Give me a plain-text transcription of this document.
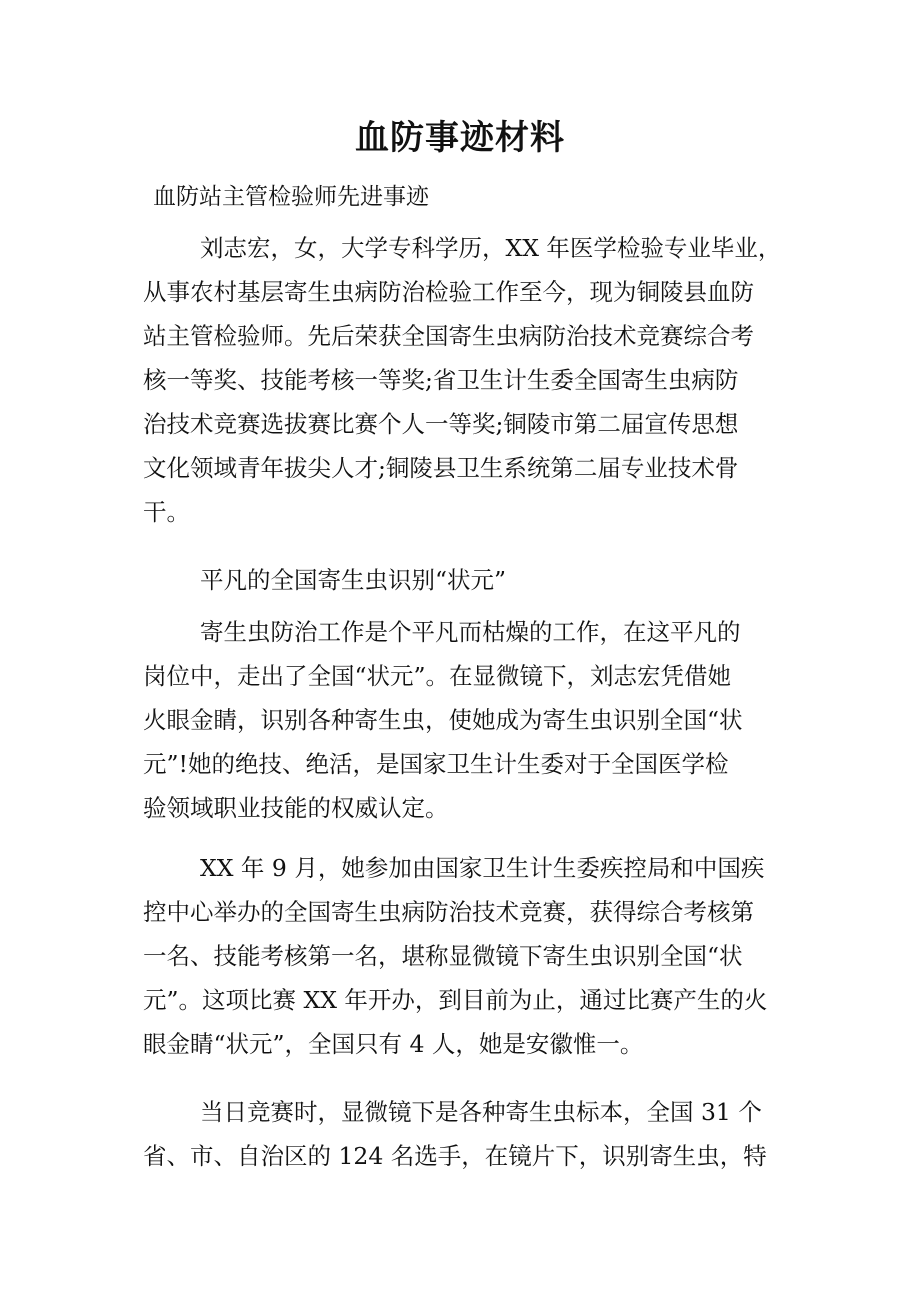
血防事迹材料

血防站主管检验师先进事迹

刘志宏，女，大学专科学历，XX 年医学检验专业毕业，

从事农村基层寄生虫病防治检验工作至今，现为铜陵县血防

站主管检验师。先后荣获全国寄生虫病防治技术竞赛综合考

核一等奖、技能考核一等奖;省卫生计生委全国寄生虫病防

治技术竞赛选拔赛比赛个人一等奖;铜陵市第二届宣传思想

文化领域青年拔尖人才;铜陵县卫生系统第二届专业技术骨

干。

平凡的全国寄生虫识别“状元”

寄生虫防治工作是个平凡而枯燥的工作，在这平凡的

岗位中，走出了全国“状元”。在显微镜下，刘志宏凭借她

火眼金睛，识别各种寄生虫，使她成为寄生虫识别全国“状

元”!她的绝技、绝活，是国家卫生计生委对于全国医学检

验领域职业技能的权威认定。

XX 年 9 月，她参加由国家卫生计生委疾控局和中国疾

控中心举办的全国寄生虫病防治技术竞赛，获得综合考核第

一名、技能考核第一名，堪称显微镜下寄生虫识别全国“状

元”。这项比赛 XX 年开办，到目前为止，通过比赛产生的火

眼金睛“状元”，全国只有 4 人，她是安徽惟一。

当日竞赛时，显微镜下是各种寄生虫标本，全国 31 个

省、市、自治区的 124 名选手，在镜片下，识别寄生虫，特
